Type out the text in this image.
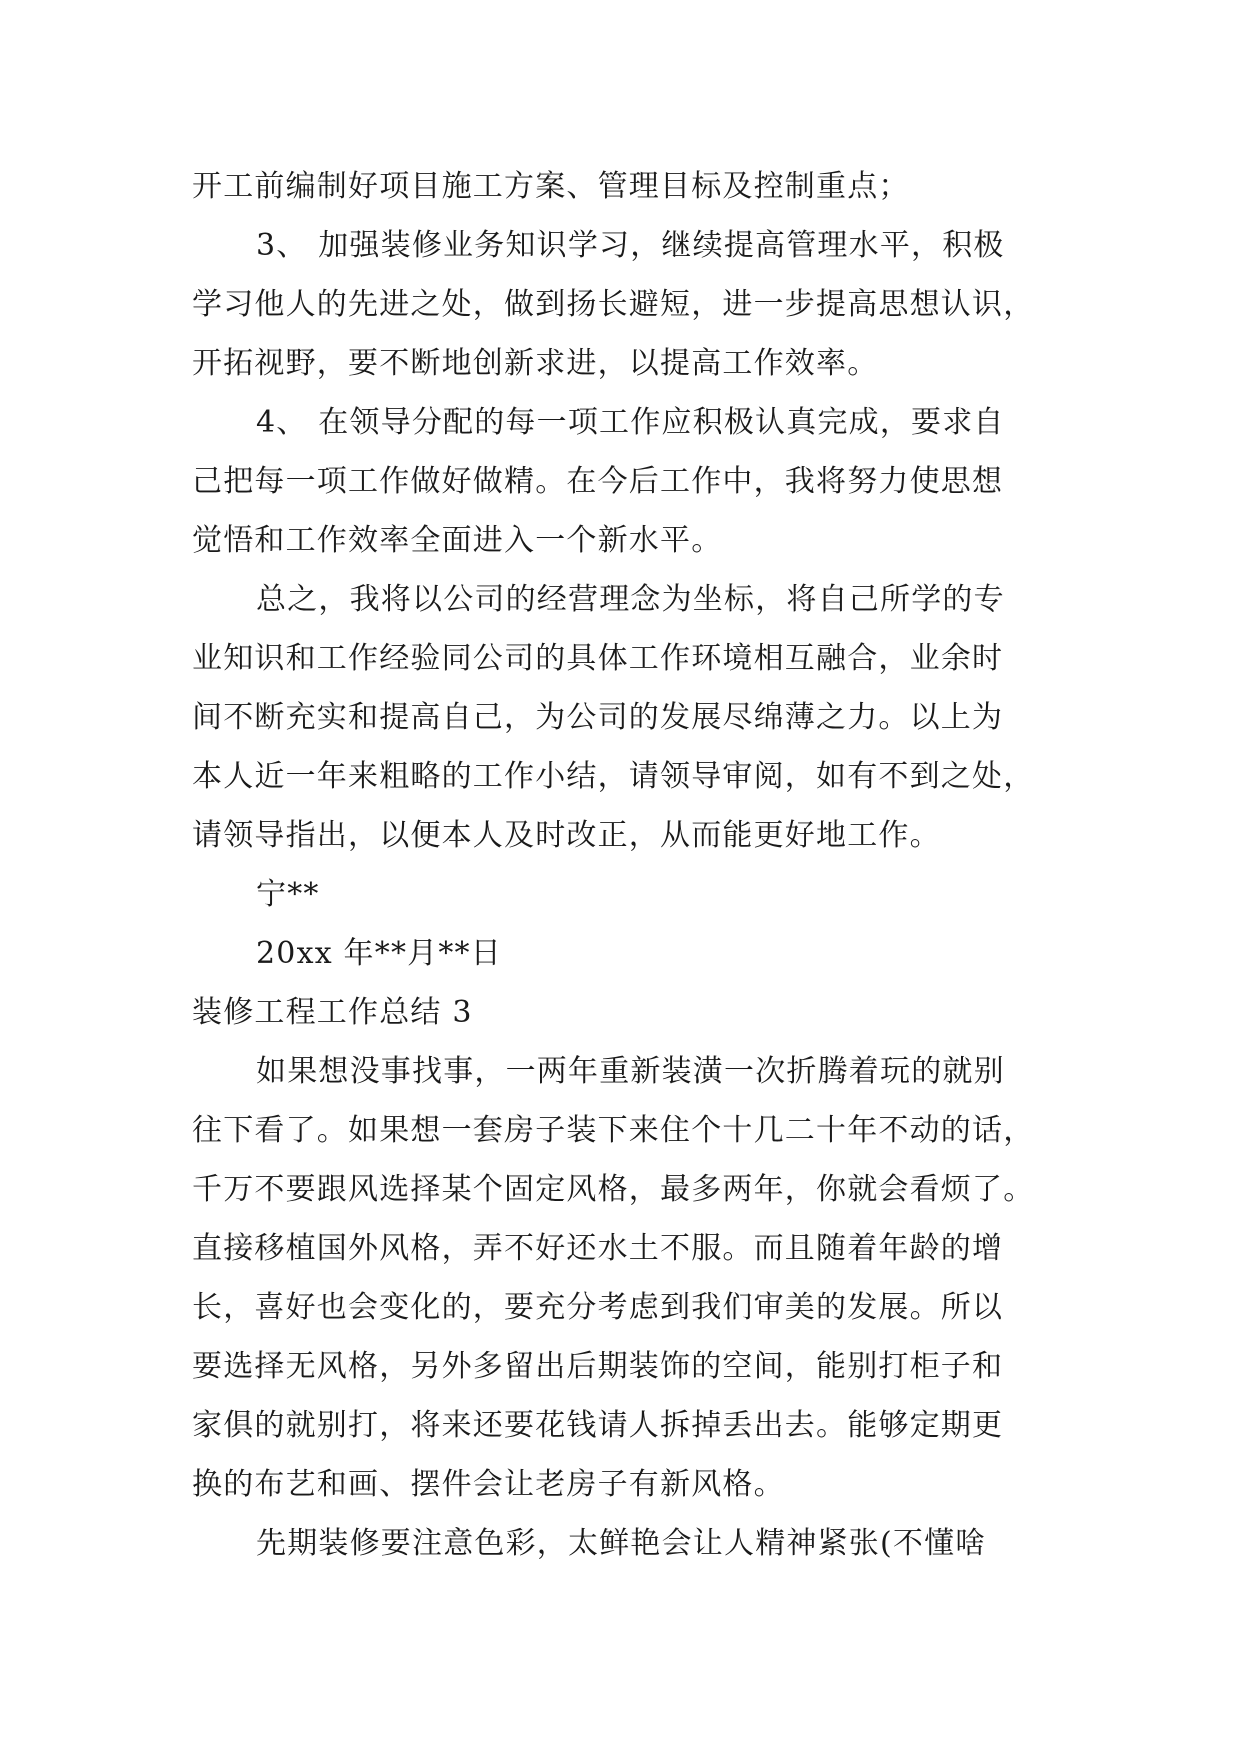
开工前编制好项目施工方案、管理目标及控制重点；
3、 加强装修业务知识学习，继续提高管理水平，积极
学习他人的先进之处，做到扬长避短，进一步提高思想认识，
开拓视野，要不断地创新求进，以提高工作效率。
4、 在领导分配的每一项工作应积极认真完成，要求自
己把每一项工作做好做精。在今后工作中，我将努力使思想
觉悟和工作效率全面进入一个新水平。
总之，我将以公司的经营理念为坐标，将自己所学的专
业知识和工作经验同公司的具体工作环境相互融合，业余时
间不断充实和提高自己，为公司的发展尽绵薄之力。以上为
本人近一年来粗略的工作小结，请领导审阅，如有不到之处，
请领导指出，以便本人及时改正，从而能更好地工作。
宁**
20xx 年**月**日
装修工程工作总结 3
如果想没事找事，一两年重新装潢一次折腾着玩的就别
往下看了。如果想一套房子装下来住个十几二十年不动的话，
千万不要跟风选择某个固定风格，最多两年，你就会看烦了。
直接移植国外风格，弄不好还水土不服。而且随着年龄的增
长，喜好也会变化的，要充分考虑到我们审美的发展。所以
要选择无风格，另外多留出后期装饰的空间，能别打柜子和
家俱的就别打，将来还要花钱请人拆掉丢出去。能够定期更
换的布艺和画、摆件会让老房子有新风格。
先期装修要注意色彩，太鲜艳会让人精神紧张(不懂啥
